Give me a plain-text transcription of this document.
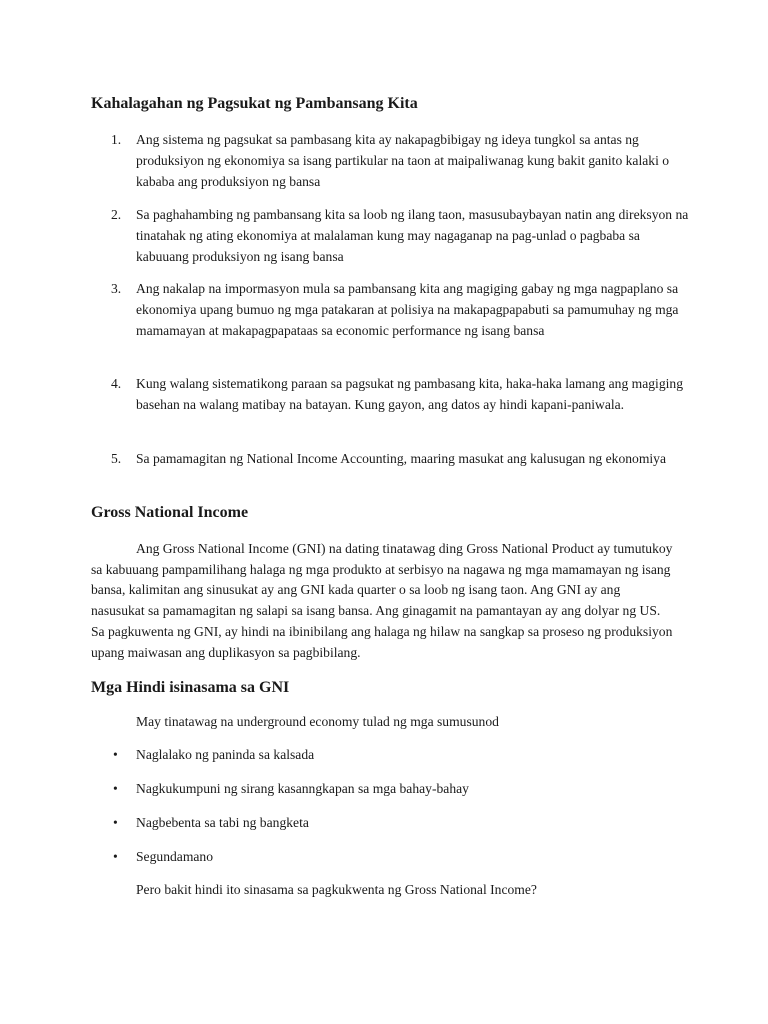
Kahalagahan ng Pagsukat ng Pambansang Kita
1.	Ang sistema ng pagsukat sa pambasang kita ay nakapagbibigay ng ideya tungkol sa antas ng produksiyon ng ekonomiya sa isang partikular na taon at maipaliwanag kung bakit ganito kalaki o kababa ang produksiyon ng bansa
2.	Sa paghahambing ng pambansang kita sa loob ng ilang taon, masusubaybayan natin ang direksyon na tinatahak ng ating ekonomiya at malalaman kung may nagaganap na pag-unlad o pagbaba sa kabuuang produksiyon ng isang bansa
3.	Ang nakalap na impormasyon mula sa pambansang kita ang magiging gabay ng mga nagpaplano sa ekonomiya upang bumuo ng mga patakaran at polisiya na makapagpapabuti sa pamumuhay ng mga mamamayan at makapagpapataas sa economic performance ng isang bansa
4.	Kung walang sistematikong paraan sa pagsukat ng pambasang kita, haka-haka lamang ang magiging basehan na walang matibay na batayan. Kung gayon, ang datos ay hindi kapani-paniwala.
5.	Sa pamamagitan ng National Income Accounting, maaring masukat ang kalusugan ng ekonomiya
Gross National Income
Ang Gross National Income (GNI) na dating tinatawag ding Gross National Product ay tumutukoy sa kabuuang pampamilihang halaga ng mga produkto at serbisyo na nagawa ng mga mamamayan ng isang bansa, kalimitan ang sinusukat ay ang GNI kada quarter o sa loob ng isang taon. Ang GNI ay ang nasusukat sa pamamagitan ng salapi sa isang bansa. Ang ginagamit na pamantayan ay ang dolyar ng US. Sa pagkuwenta ng GNI, ay hindi na ibinibilang ang halaga ng hilaw na sangkap sa proseso ng produksiyon upang maiwasan ang duplikasyon sa pagbibilang.
Mga Hindi isinasama sa GNI
May tinatawag na underground economy tulad ng mga sumusunod
• Naglalako ng paninda sa kalsada
• Nagkukumpuni ng sirang kasanngkapan sa mga bahay-bahay
• Nagbebenta sa tabi ng bangketa
• Segundamano
Pero bakit hindi ito sinasama sa pagkukwenta ng Gross National Income?
